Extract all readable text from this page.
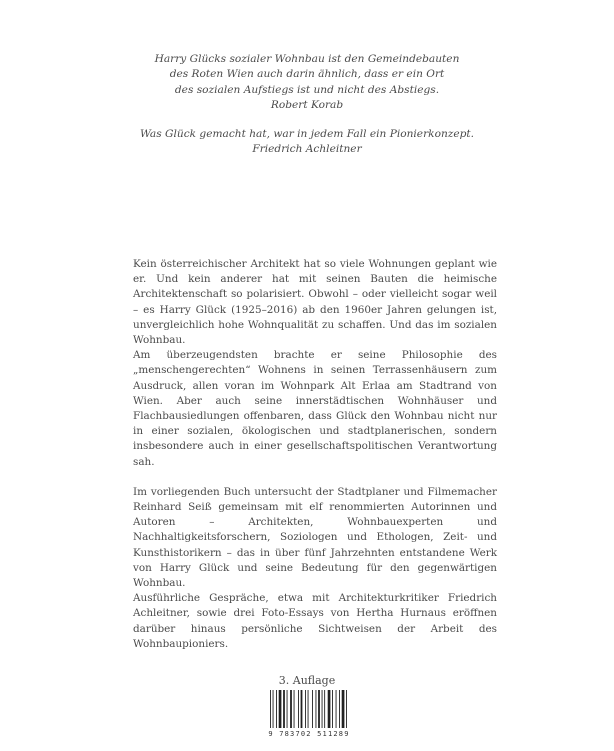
Harry Glücks sozialer Wohnbau ist den Gemeindebauten

des Roten Wien auch darin ähnlich, dass er ein Ort

des sozialen Aufstiegs ist und nicht des Abstiegs.

Robert Korab

Was Glück gemacht hat, war in jedem Fall ein Pionierkonzept.

Friedrich Achleitner

Kein österreichischer Architekt hat so viele Wohnungen geplant wie er. Und kein anderer hat mit seinen Bauten die heimische Architektenschaft so polarisiert. Obwohl – oder vielleicht sogar weil – es Harry Glück (1925–2016) ab den 1960er Jahren gelungen ist, unvergleichlich hohe Wohnqualität zu schaffen. Und das im sozialen Wohnbau.

Am überzeugendsten brachte er seine Philosophie des „menschengerechten“ Wohnens in seinen Terrassenhäusern zum Ausdruck, allen voran im Wohnpark Alt Erlaa am Stadtrand von Wien. Aber auch seine innerstädtischen Wohnhäuser und Flachbausiedlungen offenbaren, dass Glück den Wohnbau nicht nur in einer sozialen, ökologischen und stadtplanerischen, sondern insbesondere auch in einer gesellschaftspolitischen Verantwortung sah.

Im vorliegenden Buch untersucht der Stadtplaner und Filmemacher Reinhard Seiß gemeinsam mit elf renommierten Autorinnen und Autoren – Architekten, Wohnbauexperten und Nachhaltigkeitsforschern, Soziologen und Ethologen, Zeit- und Kunsthistorikern – das in über fünf Jahrzehnten entstandene Werk von Harry Glück und seine Bedeutung für den gegenwärtigen Wohnbau.

Ausführliche Gespräche, etwa mit Architekturkritiker Friedrich Achleitner, sowie drei Foto-Essays von Hertha Hurnaus eröffnen darüber hinaus persönliche Sichtweisen der Arbeit des Wohnbaupioniers.

3. Auflage
9 783702 511289
